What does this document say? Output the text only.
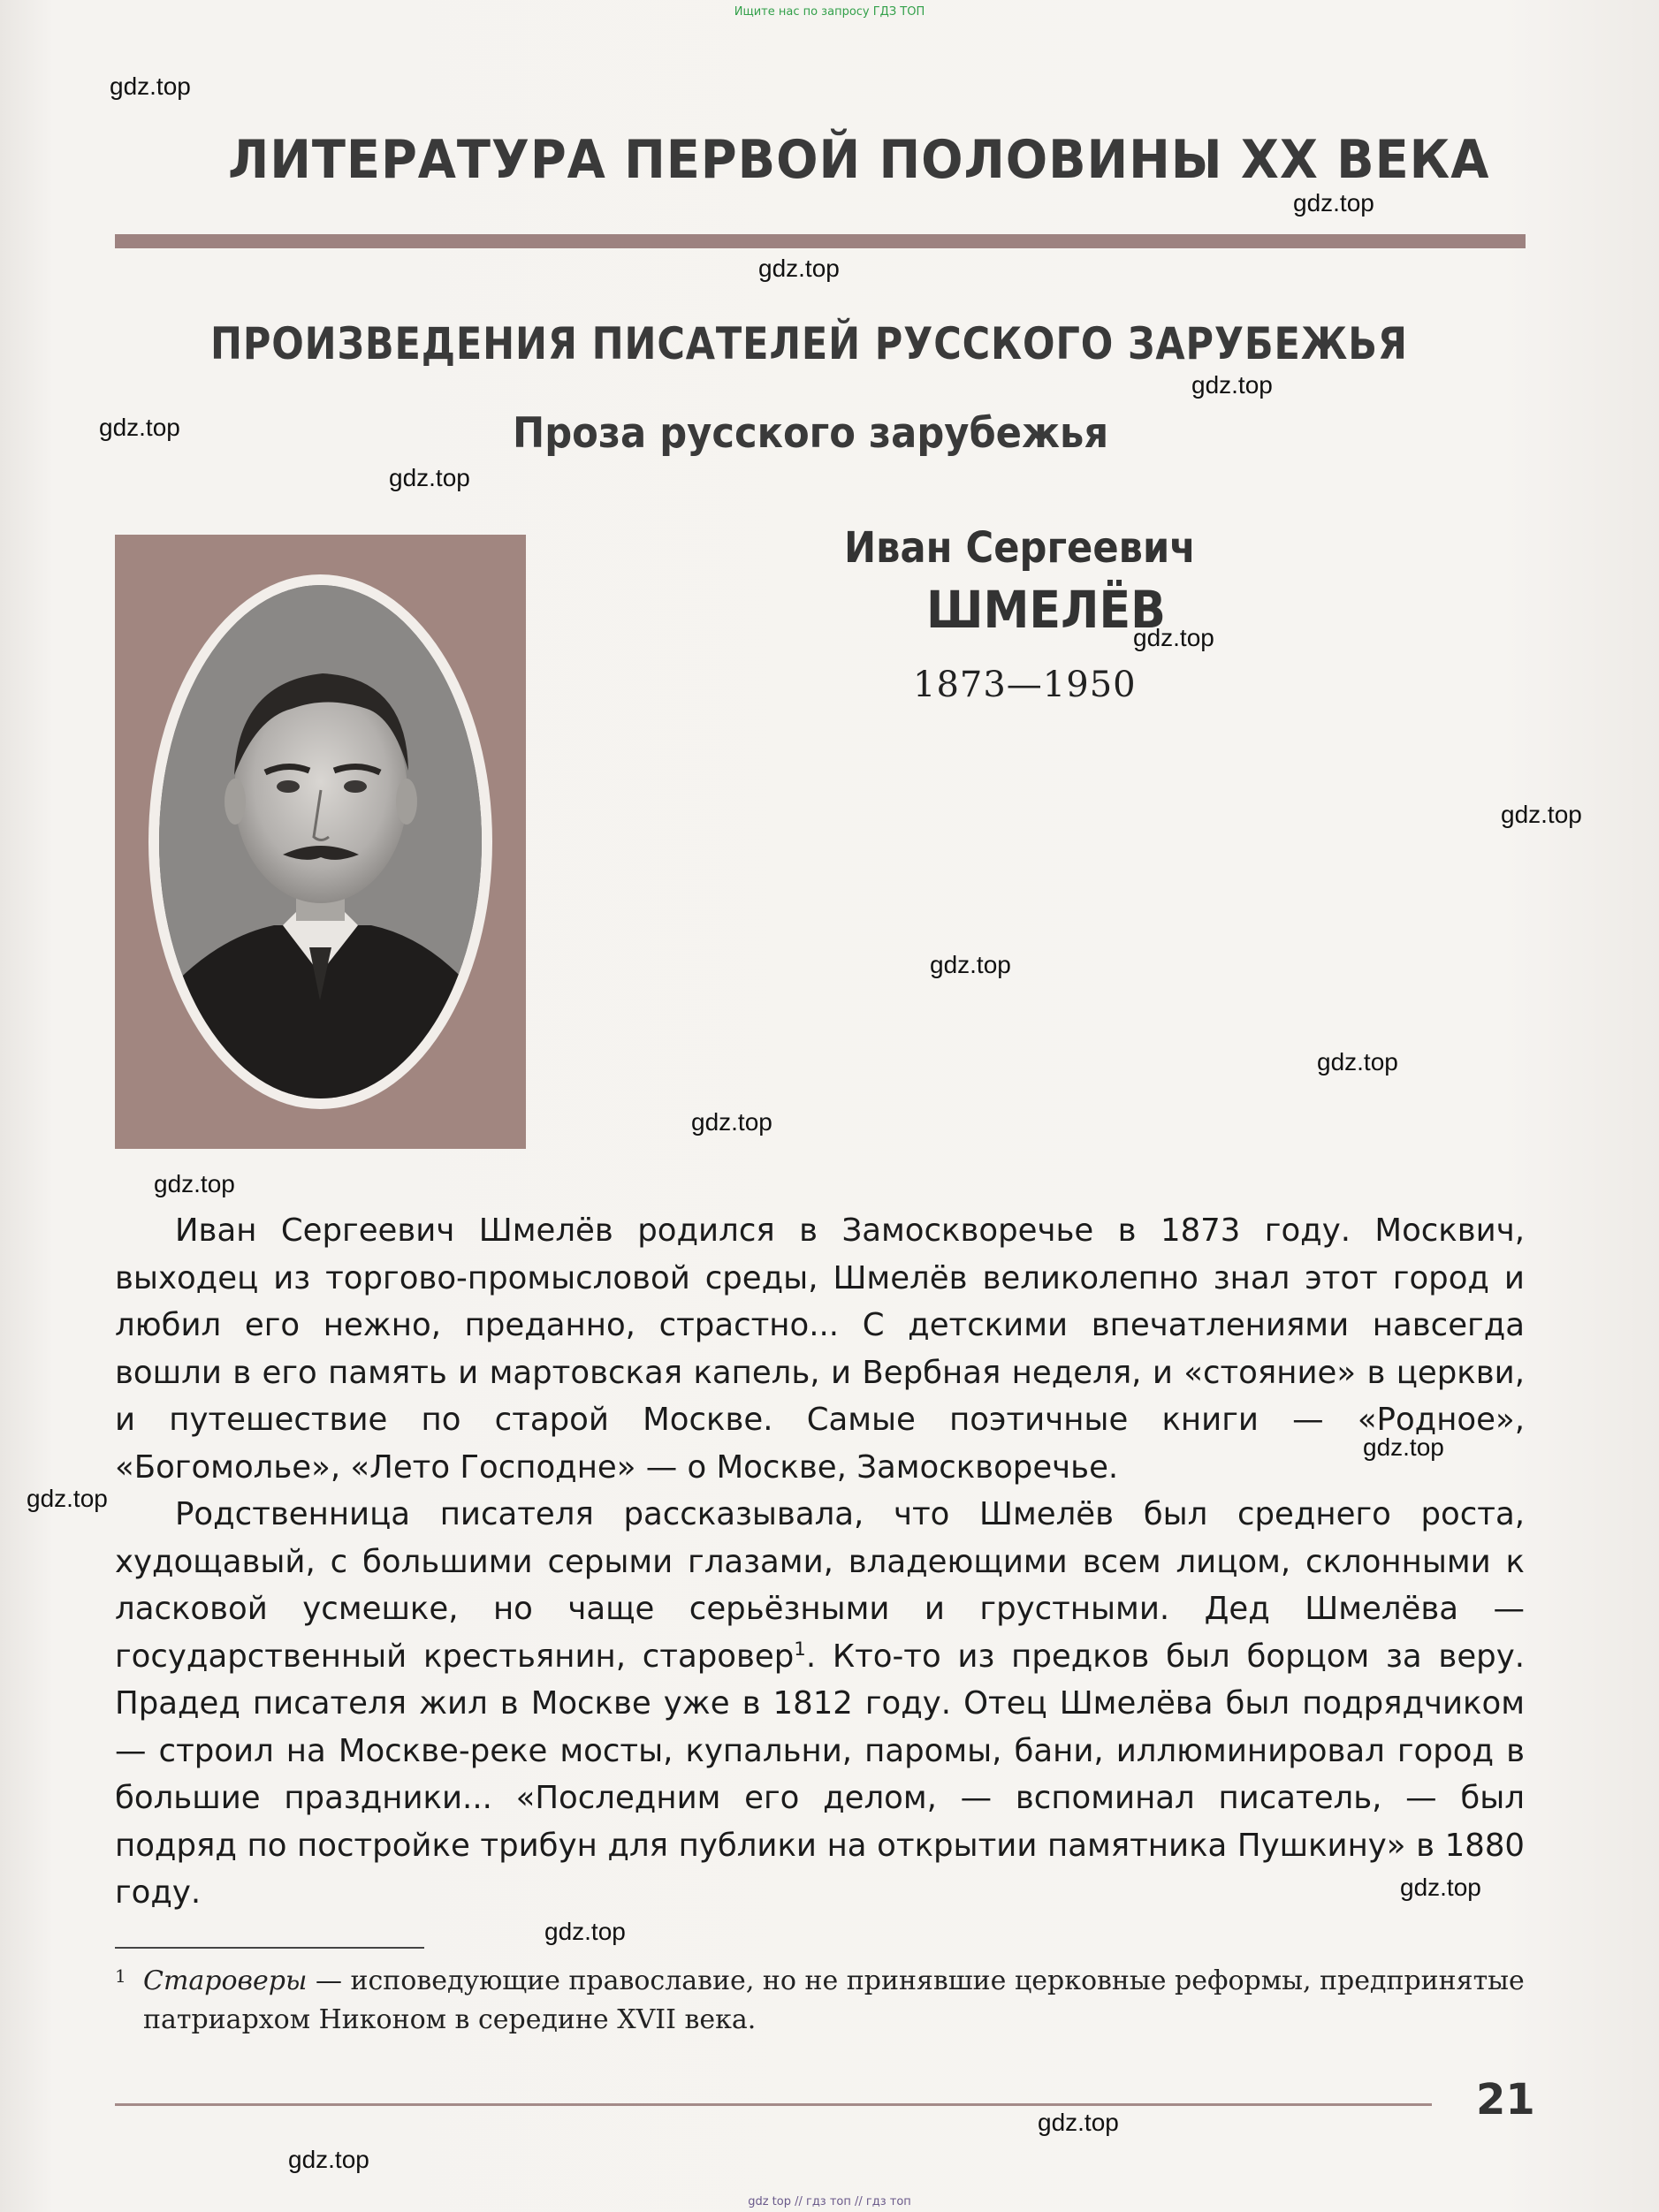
Ищите нас по запросу ГДЗ ТОП
ЛИТЕРАТУРА ПЕРВОЙ ПОЛОВИНЫ XX ВЕКА
ПРОИЗВЕДЕНИЯ ПИСАТЕЛЕЙ РУССКОГО ЗАРУБЕЖЬЯ
Проза русского зарубежья
Иван Сергеевич
ШМЕЛЁВ
1873—1950

Иван Сергеевич Шмелёв родился в Замоскворечье в 1873 году. Москвич, выходец из торгово-промысловой среды, Шмелёв великолепно знал этот город и любил его нежно, преданно, страстно... С детскими впечатлениями навсегда вошли в его память и мартовская капель, и Вербная неделя, и «стояние» в церкви, и путешествие по старой Москве. Самые поэтичные книги — «Родное», «Богомолье», «Лето Господне» — о Москве, Замоскворечье.

Родственница писателя рассказывала, что Шмелёв был среднего роста, худощавый, с большими серыми глазами, владеющими всем лицом, склонными к ласковой усмешке, но чаще серьёзными и грустными. Дед Шмелёва — государственный крестьянин, старовер$^1$. Кто-то из предков был борцом за веру. Прадед писателя жил в Москве уже в 1812 году. Отец Шмелёва был подрядчиком — строил на Москве-реке мосты, купальни, паромы, бани, иллюминировал город в большие праздники... «Последним его делом, — вспоминал писатель, — был подряд по постройке трибун для публики на открытии памятника Пушкину» в 1880 году.

1 Староверы — исповедующие православие, но не принявшие церковные реформы, предпринятые патриархом Никоном в середине XVII века.
21
gdz.top
gdz.top
gdz.top
gdz.top
gdz.top
gdz.top
gdz.top
gdz.top
gdz.top
gdz.top
gdz.top
gdz.top
gdz.top
gdz.top
gdz.top
gdz.top
gdz.top
gdz.top
gdz top // гдз топ // гдз топ
